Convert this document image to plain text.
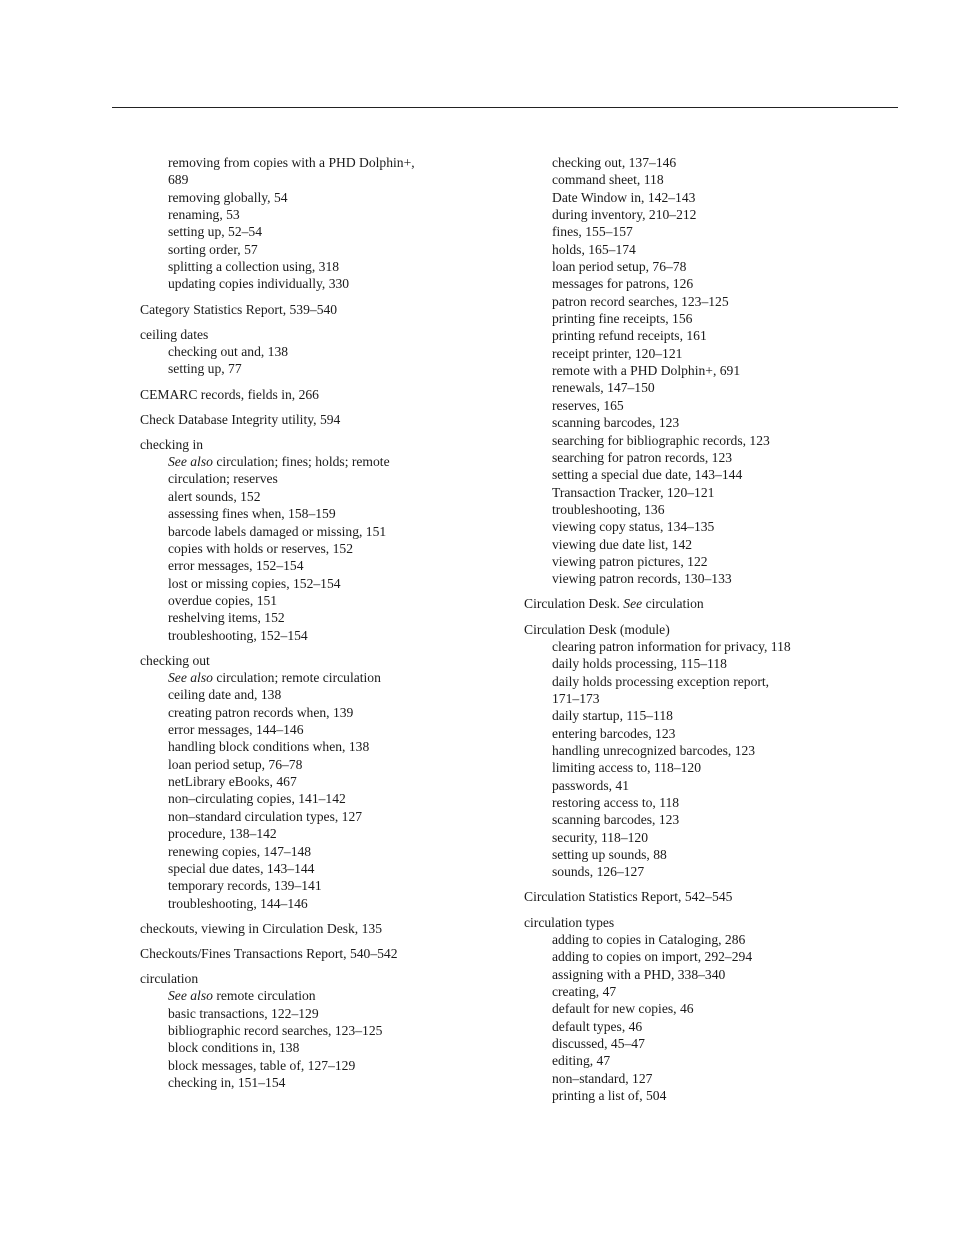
removing from copies with a PHD Dolphin+,
689
removing globally, 54
renaming, 53
setting up, 52–54
sorting order, 57
splitting a collection using, 318
updating copies individually, 330
Category Statistics Report, 539–540
ceiling dates
checking out and, 138
setting up, 77
CEMARC records, fields in, 266
Check Database Integrity utility, 594
checking in
See also circulation; fines; holds; remote
circulation; reserves
alert sounds, 152
assessing fines when, 158–159
barcode labels damaged or missing, 151
copies with holds or reserves, 152
error messages, 152–154
lost or missing copies, 152–154
overdue copies, 151
reshelving items, 152
troubleshooting, 152–154
checking out
See also circulation; remote circulation
ceiling date and, 138
creating patron records when, 139
error messages, 144–146
handling block conditions when, 138
loan period setup, 76–78
netLibrary eBooks, 467
non–circulating copies, 141–142
non–standard circulation types, 127
procedure, 138–142
renewing copies, 147–148
special due dates, 143–144
temporary records, 139–141
troubleshooting, 144–146
checkouts, viewing in Circulation Desk, 135
Checkouts/Fines Transactions Report, 540–542
circulation
See also remote circulation
basic transactions, 122–129
bibliographic record searches, 123–125
block conditions in, 138
block messages, table of, 127–129
checking in, 151–154
checking out, 137–146
command sheet, 118
Date Window in, 142–143
during inventory, 210–212
fines, 155–157
holds, 165–174
loan period setup, 76–78
messages for patrons, 126
patron record searches, 123–125
printing fine receipts, 156
printing refund receipts, 161
receipt printer, 120–121
remote with a PHD Dolphin+, 691
renewals, 147–150
reserves, 165
scanning barcodes, 123
searching for bibliographic records, 123
searching for patron records, 123
setting a special due date, 143–144
Transaction Tracker, 120–121
troubleshooting, 136
viewing copy status, 134–135
viewing due date list, 142
viewing patron pictures, 122
viewing patron records, 130–133
Circulation Desk. See circulation
Circulation Desk (module)
clearing patron information for privacy, 118
daily holds processing, 115–118
daily holds processing exception report,
171–173
daily startup, 115–118
entering barcodes, 123
handling unrecognized barcodes, 123
limiting access to, 118–120
passwords, 41
restoring access to, 118
scanning barcodes, 123
security, 118–120
setting up sounds, 88
sounds, 126–127
Circulation Statistics Report, 542–545
circulation types
adding to copies in Cataloging, 286
adding to copies on import, 292–294
assigning with a PHD, 338–340
creating, 47
default for new copies, 46
default types, 46
discussed, 45–47
editing, 47
non–standard, 127
printing a list of, 504
